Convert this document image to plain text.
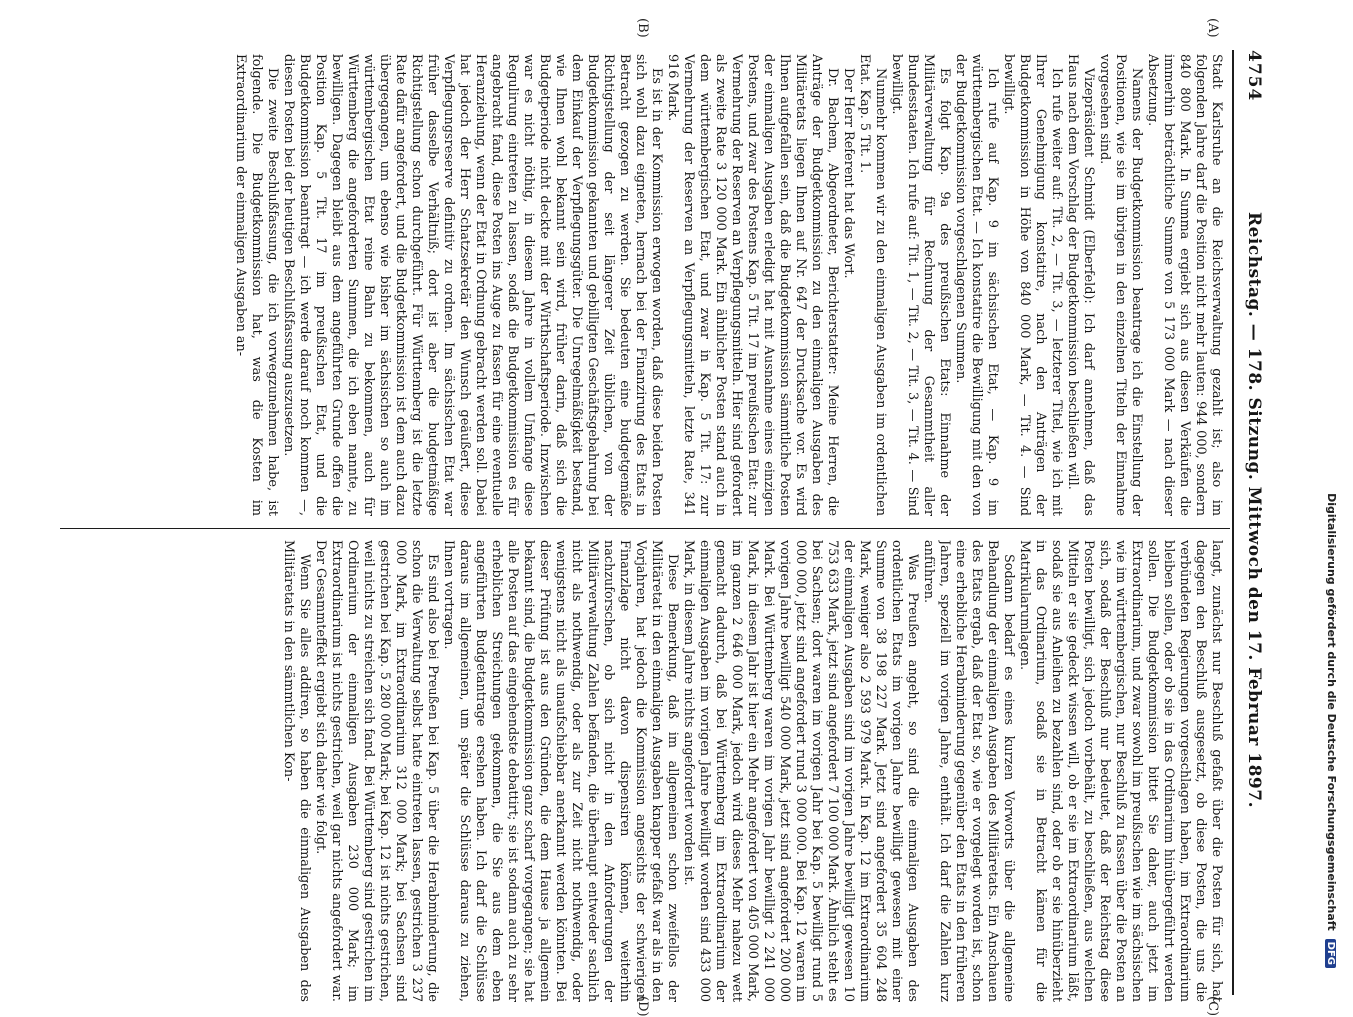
4754
Reichstag. — 178. Sitzung. Mittwoch den 17. Februar 1897.
(A)
(B)
(C)
(D)

Stadt Karlsruhe an die Reichsverwaltung gezahlt ist; also im folgenden Jahre darf die Position nicht mehr lauten: 944 000, sondern 840 800 Mark. In Summa ergiebt sich aus diesen Verkäufen die immerhin beträchtliche Summe von 5 173 000 Mark — nach dieser Absetzung.

Namens der Budgetkommission beantrage ich die Einstellung der Positionen, wie sie im übrigen in den einzelnen Titeln der Einnahme vorgesehen sind.

Vizepräsident Schmidt (Elberfeld): Ich darf annehmen, daß das Haus nach dem Vorschlag der Budgetkommission beschließen will.

Ich rufe weiter auf: Tit. 2, — Tit. 3, — letzterer Titel, wie ich mit Ihrer Genehmigung konstatire, nach den Anträgen der Budgetkommission in Höhe von 840 000 Mark, — Tit. 4. — Sind bewilligt.

Ich rufe auf Kap. 9 im sächsischen Etat, — Kap. 9 im württembergischen Etat. — Ich konstatire die Bewilligung mit den von der Budgetkommission vorgeschlagenen Summen.

Es folgt Kap. 9a des preußischen Etats: Einnahme der Militärverwaltung für Rechnung der Gesammtheit aller Bundesstaaten. Ich rufe auf: Tit. 1, — Tit. 2, — Tit. 3, — Tit. 4. — Sind bewilligt.

Nunmehr kommen wir zu den einmaligen Ausgaben im ordentlichen Etat. Kap. 5 Tit. 1.

Der Herr Referent hat das Wort.

Dr. Bachem, Abgeordneter, Berichterstatter: Meine Herren, die Anträge der Budgetkommission zu den einmaligen Ausgaben des Militäretats liegen Ihnen auf Nr. 647 der Drucksache vor. Es wird Ihnen aufgefallen sein, daß die Budgetkommission sämmtliche Posten der einmaligen Ausgaben erledigt hat mit Ausnahme eines einzigen Postens, und zwar des Postens Kap. 5 Tit. 17 im preußischen Etat: zur Vermehrung der Reserven an Verpflegungsmitteln. Hier sind gefordert als zweite Rate 3 120 000 Mark. Ein ähnlicher Posten stand auch in dem württembergischen Etat, und zwar in Kap. 5 Tit. 17: zur Vermehrung der Reserven an Verpflegungsmitteln, letzte Rate, 341 916 Mark.

Es ist in der Kommission erwogen worden, daß diese beiden Posten sich wohl dazu eigneten, hernach bei der Finanzirung des Etats in Betracht gezogen zu werden. Sie bedeuten eine budgetgemäße Richtigstellung der seit längerer Zeit üblichen, von der Budgetkommission gekannten und gebilligten Geschäftsgebahrung bei dem Einkauf der Verpflegungsgüter. Die Unregelmäßigkeit bestand, wie Ihnen wohl bekannt sein wird, früher darin, daß sich die Budgetperiode nicht deckte mit der Wirthschaftsperiode. Inzwischen war es nicht nöthig, in diesem Jahre in vollem Umfange diese Regulirung eintreten zu lassen, sodaß die Budgetkommission es für angebracht fand, diese Posten ins Auge zu fassen für eine eventuelle Heranziehung, wenn der Etat in Ordnung gebracht werden soll. Dabei hat jedoch der Herr Schatzsekretär den Wunsch geäußert, diese Verpflegungsreserve definitiv zu ordnen. Im sächsischen Etat war früher dasselbe Verhältniß; dort ist aber die budgetmäßige Richtigstellung schon durchgeführt. Für Württemberg ist die letzte Rate dafür angefordert, und die Budgetkommission ist dem auch dazu übergegangen, um ebenso wie bisher im sächsischen so auch im württembergischen Etat reine Bahn zu bekommen, auch für Württemberg die angeforderten Summen, die ich eben nannte, zu bewilligen. Dagegen bleibt aus dem angeführten Grunde offen die Position Kap. 5 Tit. 17 im preußischen Etat, und die Budgetkommission beantragt — ich werde darauf noch kommen —, diesen Posten bei der heutigen Beschlußfassung auszusetzen.

Die zweite Beschlußfassung, die ich vorwegzunehmen habe, ist folgende. Die Budgetkommission hat, was die Kosten im Extraordinarium der einmaligen Ausgaben an-

langt, zunächst nur Beschluß gefaßt über die Posten für sich, hat dagegen den Beschluß ausgesetzt, ob diese Posten, die uns die verbündeten Regierungen vorgeschlagen haben, im Extraordinarium bleiben sollen, oder ob sie in das Ordinarium hinübergeführt werden sollen. Die Budgetkommission bittet Sie daher, auch jetzt im Extraordinarium, und zwar sowohl im preußischen wie im sächsischen wie im württembergischen, nur Beschluß zu fassen über die Posten an sich, sodaß der Beschluß nur bedeutet, daß der Reichstag diese Posten bewilligt, sich jedoch vorbehält, zu beschließen, aus welchen Mitteln er sie gedeckt wissen will, ob er sie im Extraordinarium läßt, sodaß sie aus Anleihen zu bezahlen sind, oder ob er sie hinüberzieht in das Ordinarium, sodaß sie in Betracht kämen für die Matrikularumlagen.

Sodann bedarf es eines kurzen Vorworts über die allgemeine Behandlung der einmaligen Ausgaben des Militäretats. Ein Anschauen des Etats ergab, daß der Etat so, wie er vorgelegt worden ist, schon eine erhebliche Herabminderung gegenüber den Etats in den früheren Jahren, speziell im vorigen Jahre, enthält. Ich darf die Zahlen kurz anführen.

Was Preußen angeht, so sind die einmaligen Ausgaben des ordentlichen Etats im vorigen Jahre bewilligt gewesen mit einer Summe von 38 198 227 Mark. Jetzt sind angefordert 35 604 248 Mark, weniger also 2 593 979 Mark. In Kap. 12 im Extraordinarium der einmaligen Ausgaben sind im vorigen Jahre bewilligt gewesen 10 753 633 Mark, jetzt sind angefordert 7 100 000 Mark. Ähnlich steht es bei Sachsen; dort waren im vorigen Jahr bei Kap. 5 bewilligt rund 5 000 000, jetzt sind angefordert rund 3 000 000. Bei Kap. 12 waren im vorigen Jahre bewilligt 540 000 Mark, jetzt sind angefordert 200 000 Mark. Bei Württemberg waren im vorigen Jahr bewilligt 2 241 000 Mark, in diesem Jahr ist hier ein Mehr angefordert von 405 000 Mark, im ganzen 2 646 000 Mark, jedoch wird dieses Mehr nahezu wett gemacht dadurch, daß bei Württemberg im Extraordinarium der einmaligen Ausgaben im vorigen Jahre bewilligt worden sind 433 000 Mark, in diesem Jahre nichts angefordert worden ist.

Diese Bemerkung, daß im allgemeinen schon zweifellos der Militäretat in den einmaligen Ausgaben knapper gefaßt war als in den Vorjahren, hat jedoch die Kommission angesichts der schwierigen Finanzlage nicht davon dispensiren können, weiterhin nachzuforschen, ob sich nicht in den Anforderungen der Militärverwaltung Zahlen befänden, die überhaupt entweder sachlich nicht als nothwendig, oder als zur Zeit nicht nothwendig, oder wenigstens nicht als unaufschiebbar anerkannt werden könnten. Bei dieser Prüfung ist aus den Gründen, die dem Hause ja allgemein bekannt sind, die Budgetkommission ganz scharf vorgegangen; sie hat alle Posten auf das eingehendste debattirt; sie ist sodann auch zu sehr erheblichen Streichungen gekommen, die Sie aus dem eben angeführten Budgetantrage ersehen haben. Ich darf die Schlüsse daraus im allgemeinen, um später die Schlüsse daraus zu ziehen, Ihnen vortragen.

Es sind also bei Preußen bei Kap. 5 über die Herabminderung, die schon die Verwaltung selbst hatte eintreten lassen, gestrichen 3 237 000 Mark, im Extraordinarium 312 000 Mark; bei Sachsen sind gestrichen bei Kap. 5 280 000 Mark; bei Kap. 12 ist nichts gestrichen, weil nichts zu streichen sich fand. Bei Württemberg sind gestrichen im Ordinarium der einmaligen Ausgaben 230 000 Mark; im Extraordinarium ist nichts gestrichen, weil gar nichts angefordert war. Der Gesammteffekt ergiebt sich daher wie folgt.

Wenn Sie alles addiren, so haben die einmaligen Ausgaben des Militäretats in den sämmtlichen Kon-	Digitalisierung gefördert durch die Deutsche Forschungsgemeinschaft DFG
